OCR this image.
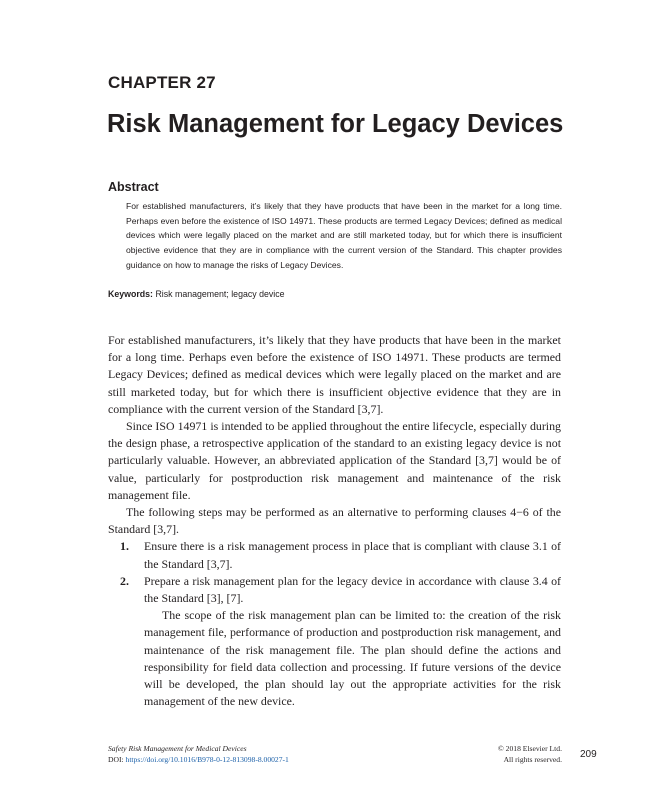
CHAPTER 27
Risk Management for Legacy Devices
Abstract

For established manufacturers, it’s likely that they have products that have been in the market for a long time. Perhaps even before the existence of ISO 14971. These products are termed Legacy Devices; defined as medical devices which were legally placed on the market and are still marketed today, but for which there is insufficient objective evidence that they are in compliance with the current version of the Standard. This chapter provides guidance on how to manage the risks of Legacy Devices.

Keywords: Risk management; legacy device

For established manufacturers, it’s likely that they have products that have been in the market for a long time. Perhaps even before the existence of ISO 14971. These products are termed Legacy Devices; defined as medical devices which were legally placed on the market and are still marketed today, but for which there is insufficient objective evidence that they are in compliance with the current version of the Standard [3,7].

Since ISO 14971 is intended to be applied throughout the entire lifecycle, especially during the design phase, a retrospective application of the standard to an existing legacy device is not particularly valuable. However, an abbreviated application of the Standard [3,7] would be of value, particularly for postproduction risk management and maintenance of the risk management file.

The following steps may be performed as an alternative to performing clauses 4−6 of the Standard [3,7].

1. Ensure there is a risk management process in place that is compliant with clause 3.1 of the Standard [3,7].

2. Prepare a risk management plan for the legacy device in accordance with clause 3.4 of the Standard [3], [7].

The scope of the risk management plan can be limited to: the creation of the risk management file, performance of production and postproduction risk management, and maintenance of the risk management file. The plan should define the actions and responsibility for field data collection and processing. If future versions of the device will be developed, the plan should lay out the appropriate activities for the risk management of the new device.

Safety Risk Management for Medical Devices
DOI: https://doi.org/10.1016/B978-0-12-813098-8.00027-1
© 2018 Elsevier Ltd.
All rights reserved. 209
